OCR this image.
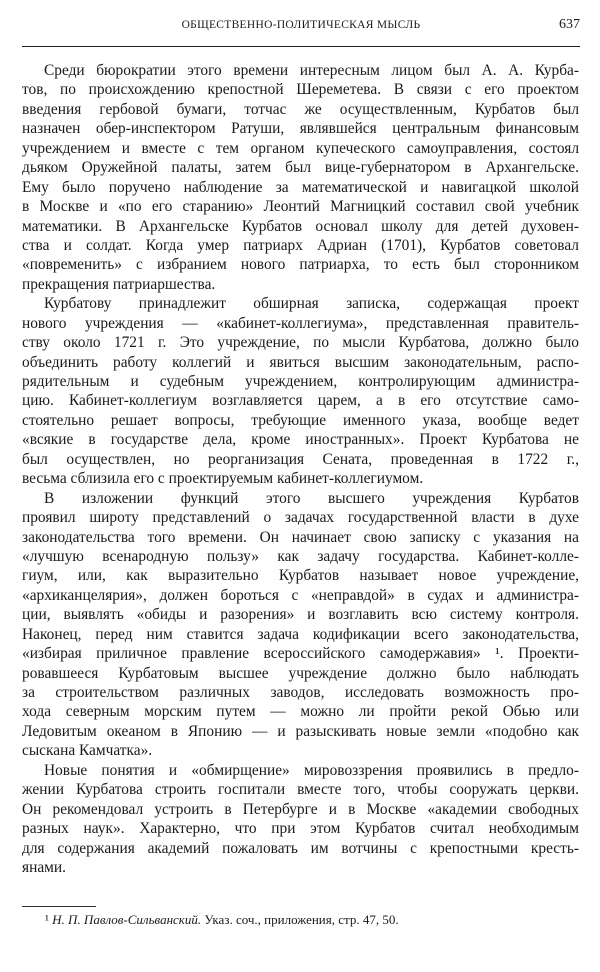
ОБЩЕСТВЕННО-ПОЛИТИЧЕСКАЯ МЫСЛЬ	637
Среди бюрократии этого времени интересным лицом был А. А. Курба-
тов, по происхождению крепостной Шереметева. В связи с его проектом
введения гербовой бумаги, тотчас же осуществленным, Курбатов был
назначен обер-инспектором Ратуши, являвшейся центральным финансовым
учреждением и вместе с тем органом купеческого самоуправления, состоял
дьяком Оружейной палаты, затем был вице-губернатором в Архангельске.
Ему было поручено наблюдение за математической и навигацкой школой
в Москве и «по его старанию» Леонтий Магницкий составил свой учебник
математики. В Архангельске Курбатов основал школу для детей духовен-
ства и солдат. Когда умер патриарх Адриан (1701), Курбатов советовал
«повременить» с избранием нового патриарха, то есть был сторонником
прекращения патриаршества.
Курбатову принадлежит обширная записка, содержащая проект
нового учреждения — «кабинет-коллегиума», представленная правитель-
ству около 1721 г. Это учреждение, по мысли Курбатова, должно было
объединить работу коллегий и явиться высшим законодательным, распо-
рядительным и судебным учреждением, контролирующим администра-
цию. Кабинет-коллегиум возглавляется царем, а в его отсутствие само-
стоятельно решает вопросы, требующие именного указа, вообще ведет
«всякие в государстве дела, кроме иностранных». Проект Курбатова не
был осуществлен, но реорганизация Сената, проведенная в 1722 г.,
весьма сблизила его с проектируемым кабинет-коллегиумом.
В изложении функций этого высшего учреждения Курбатов
проявил широту представлений о задачах государственной власти в духе
законодательства того времени. Он начинает свою записку с указания на
«лучшую всенародную пользу» как задачу государства. Кабинет-колле-
гиум, или, как выразительно Курбатов называет новое учреждение,
«архиканцелярия», должен бороться с «неправдой» в судах и администра-
ции, выявлять «обиды и разорения» и возглавить всю систему контроля.
Наконец, перед ним ставится задача кодификации всего законодательства,
«избирая приличное правление всероссийского самодержавия» ¹. Проекти-
ровавшееся Курбатовым высшее учреждение должно было наблюдать
за строительством различных заводов, исследовать возможность про-
хода северным морским путем — можно ли пройти рекой Обью или
Ледовитым океаном в Японию — и разыскивать новые земли «подобно как
сыскана Камчатка».
Новые понятия и «обмирщение» мировоззрения проявились в предло-
жении Курбатова строить госпитали вместе того, чтобы сооружать церкви.
Он рекомендовал устроить в Петербурге и в Москве «академии свободных
разных наук». Характерно, что при этом Курбатов считал необходимым
для содержания академий пожаловать им вотчины с крепостными кресть-
янами.
¹ Н. П. Павлов-Сильванский. Указ. соч., приложения, стр. 47, 50.
